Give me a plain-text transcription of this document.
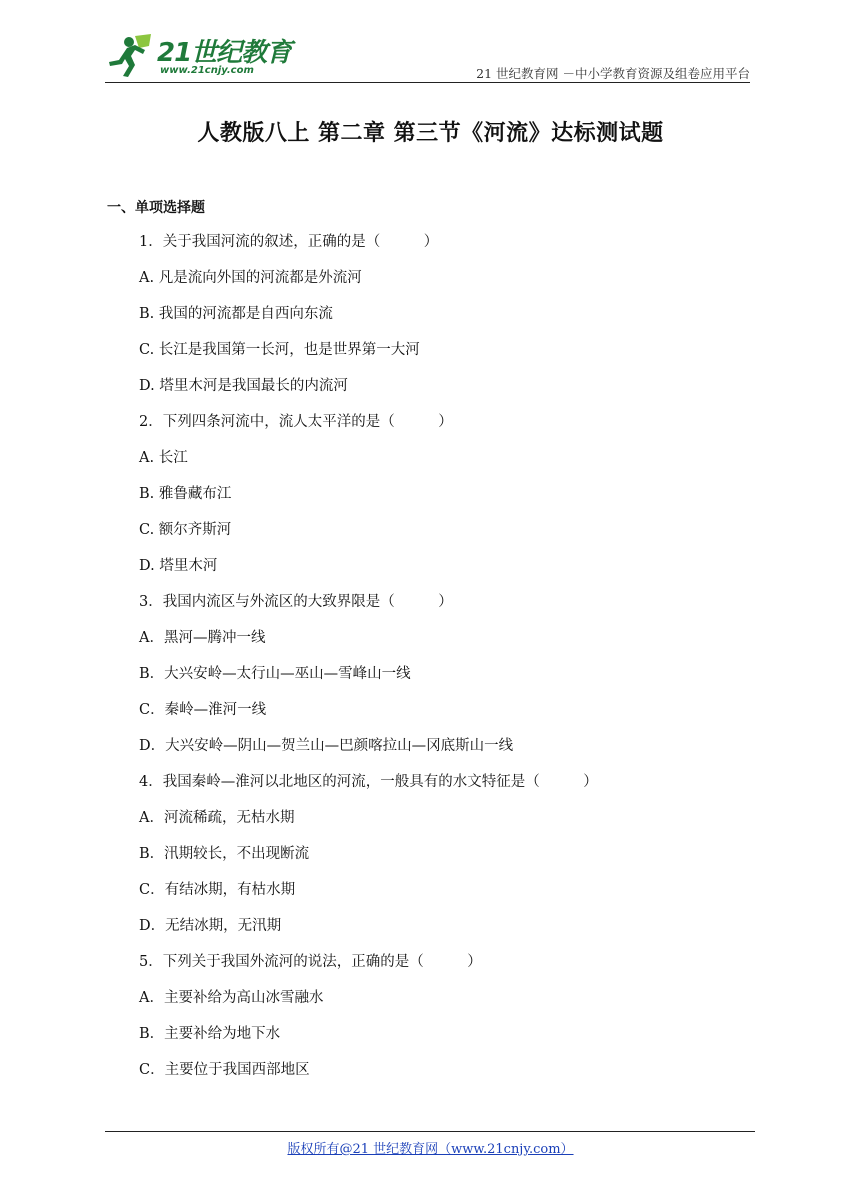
21世纪教育
www.21cnjy.com	21 世纪教育网 －中小学教育资源及组卷应用平台
人教版八上 第二章 第三节《河流》达标测试题
一、单项选择题
1．关于我国河流的叙述，正确的是（　　　）
A. 凡是流向外国的河流都是外流河
B. 我国的河流都是自西向东流
C. 长江是我国第一长河，也是世界第一大河
D. 塔里木河是我国最长的内流河
2．下列四条河流中，流人太平洋的是（　　　）
A. 长江
B. 雅鲁藏布江
C. 额尔齐斯河
D. 塔里木河
3．我国内流区与外流区的大致界限是（　　　）
A．黑河—腾冲一线
B．大兴安岭—太行山—巫山—雪峰山一线
C．秦岭—淮河一线
D．大兴安岭—阴山—贺兰山—巴颜喀拉山—冈底斯山一线
4．我国秦岭—淮河以北地区的河流，一般具有的水文特征是（　　　）
A．河流稀疏，无枯水期
B．汛期较长，不出现断流
C．有结冰期，有枯水期
D．无结冰期，无汛期
5．下列关于我国外流河的说法，正确的是（　　　）
A．主要补给为高山冰雪融水
B．主要补给为地下水
C．主要位于我国西部地区
版权所有@21 世纪教育网（www.21cnjy.com）
